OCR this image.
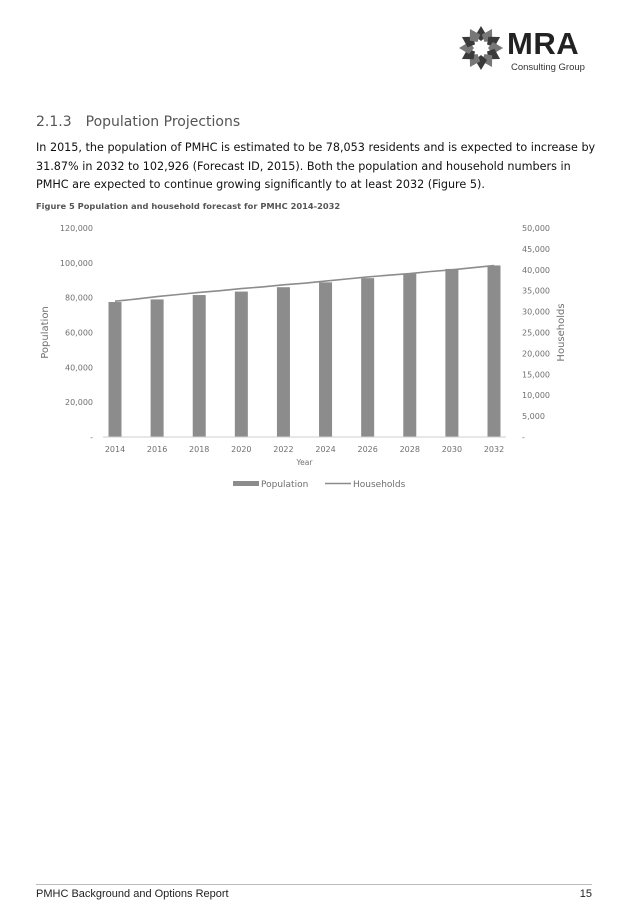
MRA
Consulting Group
2.1.3 Population Projections

In 2015, the population of PMHC is estimated to be 78,053 residents and is expected to increase by 31.87% in 2032 to 102,926 (Forecast ID, 2015). Both the population and household numbers in PMHC are expected to continue growing significantly to at least 2032 (Figure 5).

Figure 5 Population and household forecast for PMHC 2014-2032
120,000
100,000
80,000
60,000
40,000
20,000
-
50,000
45,000
40,000
35,000
30,000
25,000
20,000
15,000
10,000
5,000
-
2014	2016	2018	2020	2022	2024	2026	2028	2030	2032
Population	Households
Year
Population	Households
PMHC Background and Options Report	15
